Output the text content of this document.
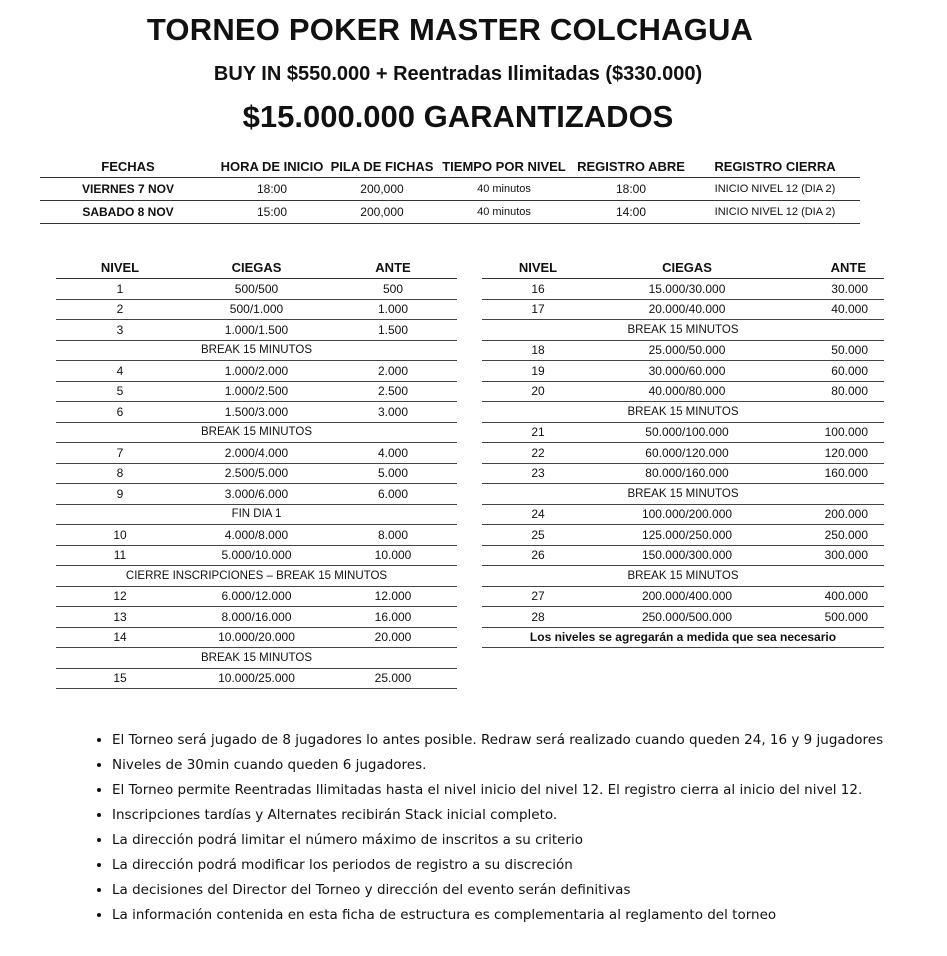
TORNEO POKER MASTER COLCHAGUA
BUY IN $550.000 + Reentradas Ilimitadas ($330.000)
$15.000.000 GARANTIZADOS
FECHAS	HORA DE INICIO	PILA DE FICHAS	TIEMPO POR NIVEL	REGISTRO ABRE	REGISTRO CIERRA
VIERNES 7 NOV	18:00	200,000	40 minutos	18:00	INICIO NIVEL 12 (DIA 2)
SABADO 8 NOV	15:00	200,000	40 minutos	14:00	INICIO NIVEL 12 (DIA 2)
NIVEL	CIEGAS	ANTE
1	500/500	500
2	500/1.000	1.000
3	1.000/1.500	1.500
BREAK 15 MINUTOS		
4	1.000/2.000	2.000
5	1.000/2.500	2.500
6	1.500/3.000	3.000
BREAK 15 MINUTOS		
7	2.000/4.000	4.000
8	2.500/5.000	5.000
9	3.000/6.000	6.000
FIN DIA 1		
10	4.000/8.000	8.000
11	5.000/10.000	10.000
CIERRE INSCRIPCIONES – BREAK 15 MINUTOS		
12	6.000/12.000	12.000
13	8.000/16.000	16.000
14	10.000/20.000	20.000
BREAK 15 MINUTOS		
15	10.000/25.000	25.000
NIVEL	CIEGAS	ANTE
16	15.000/30.000	30.000
17	20.000/40.000	40.000
BREAK 15 MINUTOS		
18	25.000/50.000	50.000
19	30.000/60.000	60.000
20	40.000/80.000	80.000
BREAK 15 MINUTOS		
21	50.000/100.000	100.000
22	60.000/120.000	120.000
23	80.000/160.000	160.000
BREAK 15 MINUTOS		
24	100.000/200.000	200.000
25	125.000/250.000	250.000
26	150.000/300.000	300.000
BREAK 15 MINUTOS		
27	200.000/400.000	400.000
28	250.000/500.000	500.000
Los niveles se agregarán a medida que sea necesario		
• El Torneo será jugado de 8 jugadores lo antes posible. Redraw será realizado cuando queden 24, 16 y 9 jugadores
• Niveles de 30min cuando queden 6 jugadores.
• El Torneo permite Reentradas Ilimitadas hasta el nivel inicio del nivel 12. El registro cierra al inicio del nivel 12.
• Inscripciones tardías y Alternates recibirán Stack inicial completo.
• La dirección podrá limitar el número máximo de inscritos a su criterio
• La dirección podrá modificar los periodos de registro a su discreción
• La decisiones del Director del Torneo y dirección del evento serán definitivas
• La información contenida en esta ficha de estructura es complementaria al reglamento del torneo
